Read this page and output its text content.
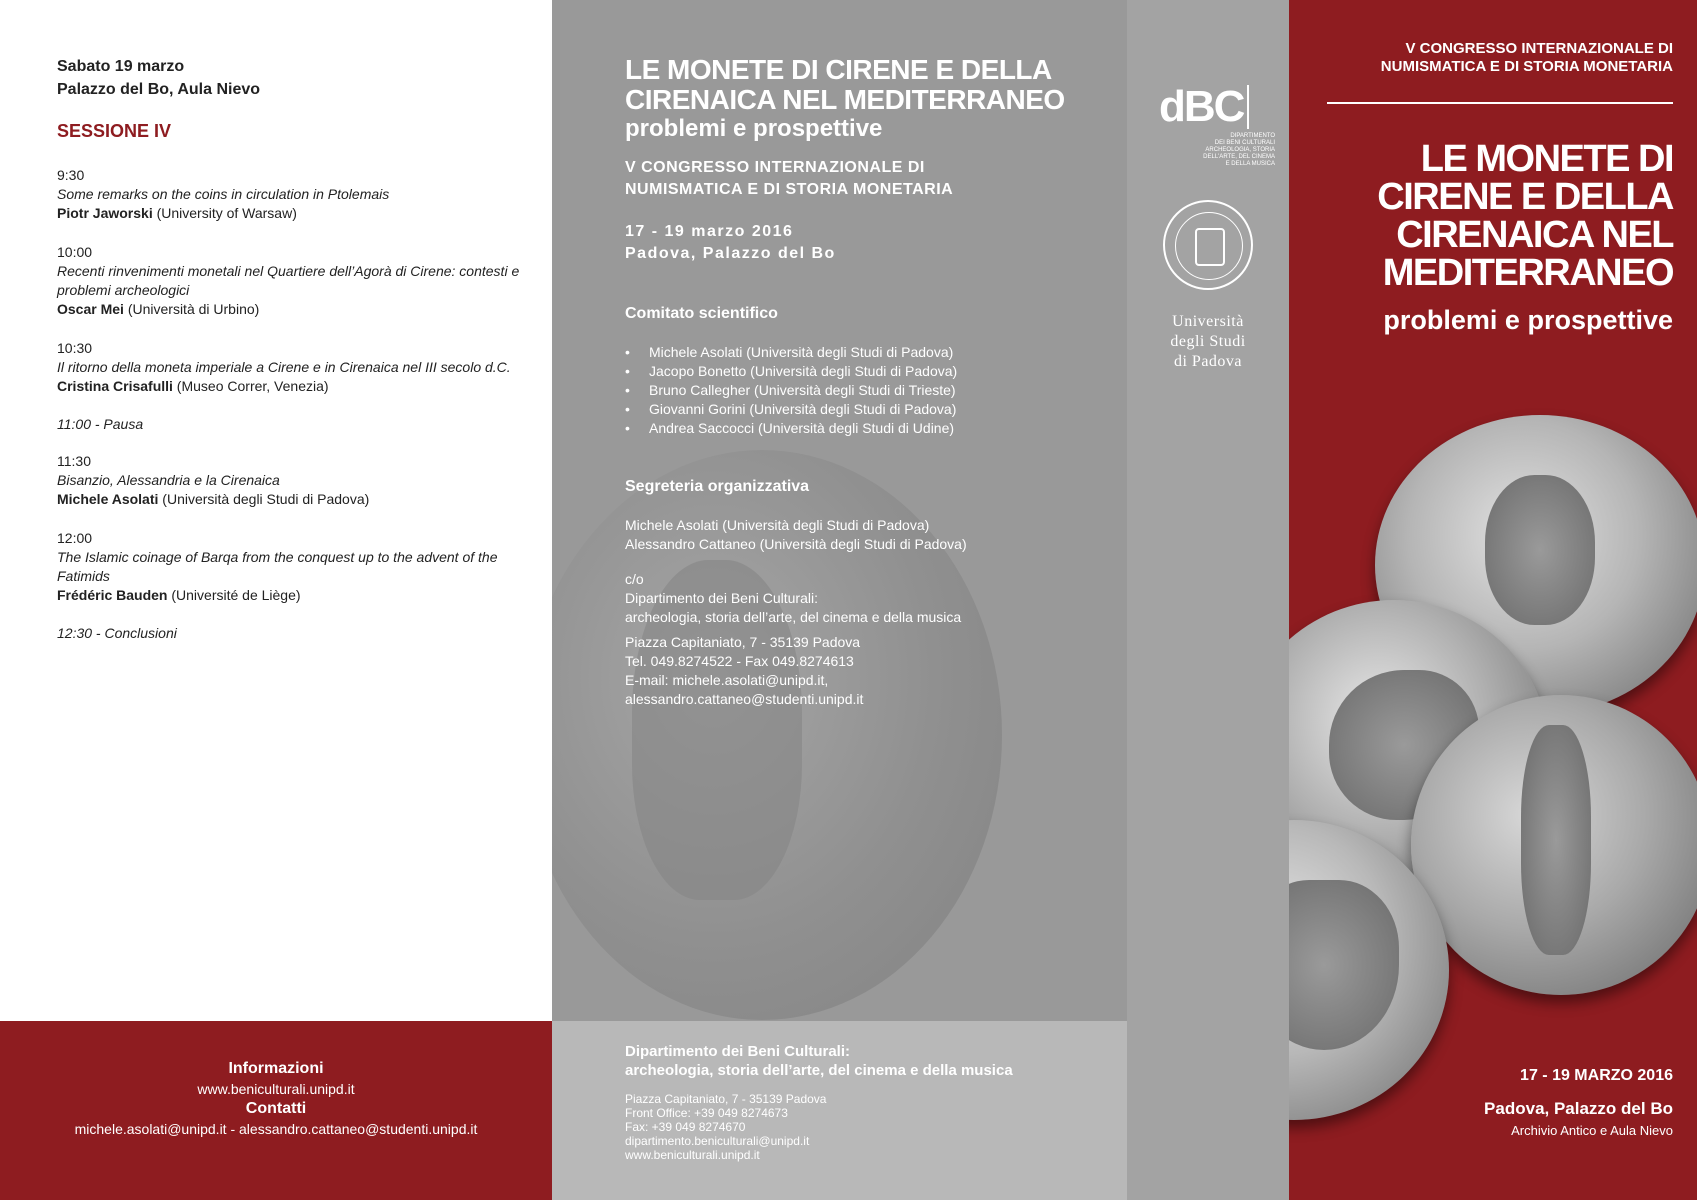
Sabato 19 marzo
Palazzo del Bo, Aula Nievo
SESSIONE IV
9:30
Some remarks on the coins in circulation in Ptolemais
Piotr Jaworski (University of Warsaw)
10:00
Recenti rinvenimenti monetali nel Quartiere dell’Agorà di Cirene: contesti e problemi archeologici
Oscar Mei (Università di Urbino)
10:30
Il ritorno della moneta imperiale a Cirene e in Cirenaica nel III secolo d.C.
Cristina Crisafulli (Museo Correr, Venezia)
11:00 - Pausa
11:30
Bisanzio, Alessandria e la Cirenaica
Michele Asolati (Università degli Studi di Padova)
12:00
The Islamic coinage of Barqa from the conquest up to the advent of the Fatimids
Frédéric Bauden (Université de Liège)
12:30 - Conclusioni
Informazioni
www.beniculturali.unipd.it
Contatti
michele.asolati@unipd.it - alessandro.cattaneo@studenti.unipd.it
LE MONETE DI CIRENE E DELLA
CIRENAICA NEL MEDITERRANEO
problemi e prospettive
V CONGRESSO INTERNAZIONALE DI
NUMISMATICA E DI STORIA MONETARIA
17 - 19 marzo 2016
Padova, Palazzo del Bo
Comitato scientifico
• Michele Asolati (Università degli Studi di Padova)
• Jacopo Bonetto (Università degli Studi di Padova)
• Bruno Callegher (Università degli Studi di Trieste)
• Giovanni Gorini (Università degli Studi di Padova)
• Andrea Saccocci (Università degli Studi di Udine)
Segreteria organizzativa
Michele Asolati (Università degli Studi di Padova)
Alessandro Cattaneo (Università degli Studi di Padova)
c/o
Dipartimento dei Beni Culturali:
archeologia, storia dell’arte, del cinema e della musica
Piazza Capitaniato, 7 - 35139 Padova
Tel. 049.8274522 - Fax 049.8274613
E-mail: michele.asolati@unipd.it,
alessandro.cattaneo@studenti.unipd.it
Dipartimento dei Beni Culturali:
archeologia, storia dell’arte, del cinema e della musica
Piazza Capitaniato, 7 - 35139 Padova
Front Office: +39 049 8274673
Fax: +39 049 8274670
dipartimento.beniculturali@unipd.it
www.beniculturali.unipd.it
dBC
DIPARTIMENTO
DEI BENI CULTURALI
ARCHEOLOGIA, STORIA
DELL'ARTE, DEL CINEMA
E DELLA MUSICA
Università
degli Studi
di Padova
V CONGRESSO INTERNAZIONALE DI
NUMISMATICA E DI STORIA MONETARIA
LE MONETE DI
CIRENE E DELLA
CIRENAICA NEL
MEDITERRANEO
problemi e prospettive
17 - 19 MARZO 2016
Padova, Palazzo del Bo
Archivio Antico e Aula Nievo
